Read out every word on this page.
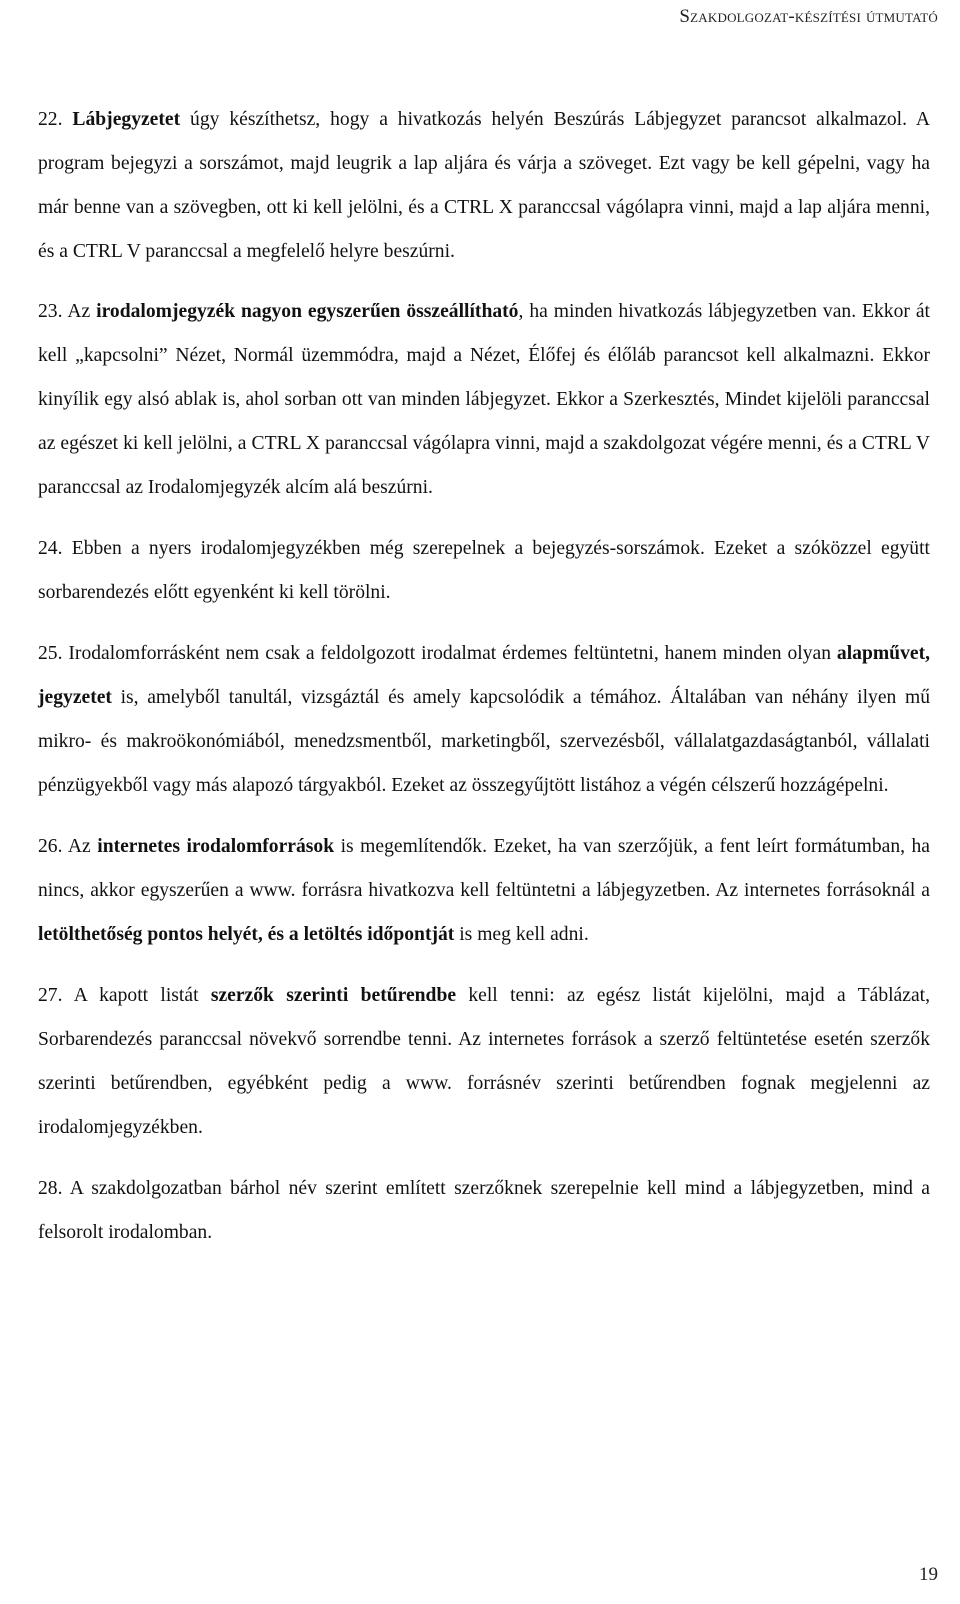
Szakdolgozat-készítési útmutató

22. Lábjegyzetet úgy készíthetsz, hogy a hivatkozás helyén Beszúrás Lábjegyzet parancsot alkalmazol. A program bejegyzi a sorszámot, majd leugrik a lap aljára és várja a szöveget. Ezt vagy be kell gépelni, vagy ha már benne van a szövegben, ott ki kell jelölni, és a CTRL X paranccsal vágólapra vinni, majd a lap aljára menni, és a CTRL V paranccsal a megfelelő helyre beszúrni.

23. Az irodalomjegyzék nagyon egyszerűen összeállítható, ha minden hivatkozás lábjegyzetben van. Ekkor át kell „kapcsolni” Nézet, Normál üzemmódra, majd a Nézet, Élőfej és élőláb parancsot kell alkalmazni. Ekkor kinyílik egy alsó ablak is, ahol sorban ott van minden lábjegyzet. Ekkor a Szerkesztés, Mindet kijelöli paranccsal az egészet ki kell jelölni, a CTRL X paranccsal vágólapra vinni, majd a szakdolgozat végére menni, és a CTRL V paranccsal az Irodalomjegyzék alcím alá beszúrni.

24. Ebben a nyers irodalomjegyzékben még szerepelnek a bejegyzés-sorszámok. Ezeket a szóközzel együtt sorbarendezés előtt egyenként ki kell törölni.

25. Irodalomforrásként nem csak a feldolgozott irodalmat érdemes feltüntetni, hanem minden olyan alapművet, jegyzetet is, amelyből tanultál, vizsgáztál és amely kapcsolódik a témához. Általában van néhány ilyen mű mikro- és makroökonómiából, menedzsmentből, marketingből, szervezésből, vállalatgazdaságtanból, vállalati pénzügyekből vagy más alapozó tárgyakból. Ezeket az összegyűjtött listához a végén célszerű hozzágépelni.

26. Az internetes irodalomforrások is megemlítendők. Ezeket, ha van szerzőjük, a fent leírt formátumban, ha nincs, akkor egyszerűen a www. forrásra hivatkozva kell feltüntetni a lábjegyzetben. Az internetes forrásoknál a letölthetőség pontos helyét, és a letöltés időpontját is meg kell adni.

27. A kapott listát szerzők szerinti betűrendbe kell tenni: az egész listát kijelölni, majd a Táblázat, Sorbarendezés paranccsal növekvő sorrendbe tenni. Az internetes források a szerző feltüntetése esetén szerzők szerinti betűrendben, egyébként pedig a www. forrásnév szerinti betűrendben fognak megjelenni az irodalomjegyzékben.

28. A szakdolgozatban bárhol név szerint említett szerzőknek szerepelnie kell mind a lábjegyzetben, mind a felsorolt irodalomban.

19
